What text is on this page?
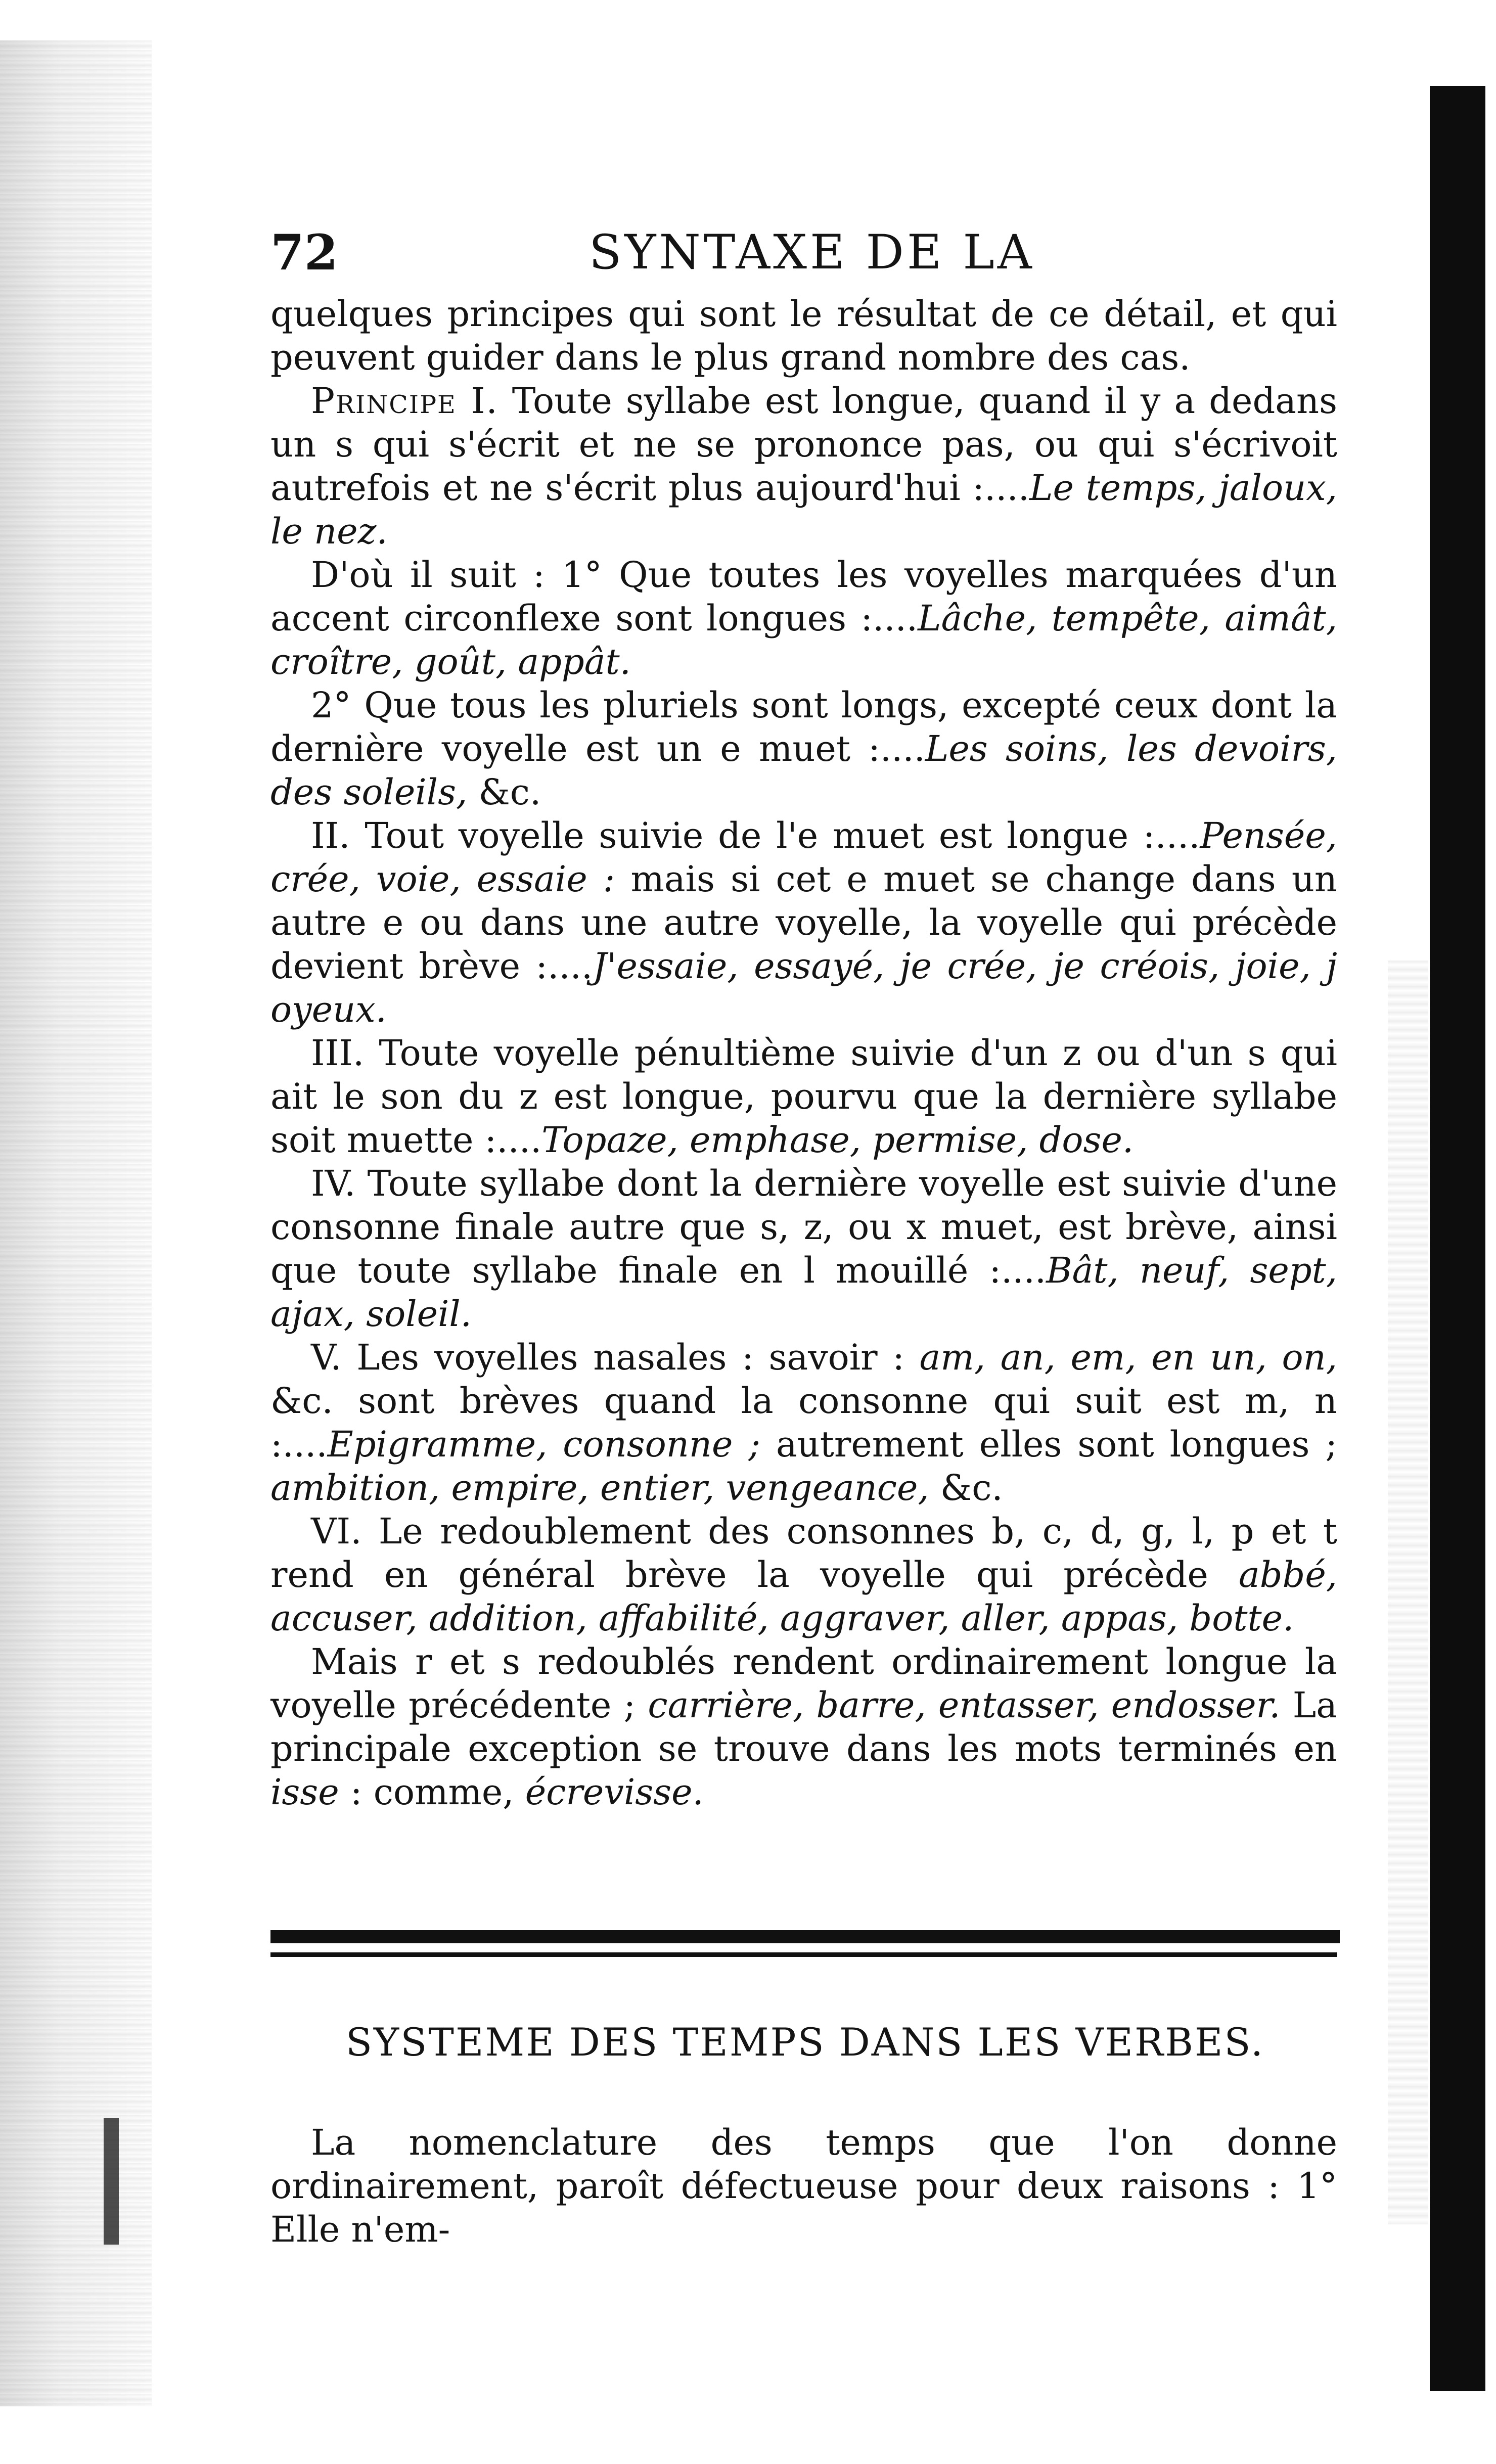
72	SYNTAXE DE LA

quelques principes qui sont le résultat de ce détail, et qui peuvent guider dans le plus grand nombre des cas.

Principe I. Toute syllabe est longue, quand il y a dedans un s qui s'écrit et ne se prononce pas, ou qui s'écrivoit autrefois et ne s'écrit plus aujourd'hui :....Le temps, jaloux, le nez.

D'où il suit : 1° Que toutes les voyelles marquées d'un accent circonflexe sont longues :....Lâche, tempête, aimât, croître, goût, appât.

2° Que tous les pluriels sont longs, excepté ceux dont la dernière voyelle est un e muet :....Les soins, les devoirs, des soleils, &c.

II. Tout voyelle suivie de l'e muet est longue :....Pensée, crée, voie, essaie : mais si cet e muet se change dans un autre e ou dans une autre voyelle, la voyelle qui précède devient brève :....J'essaie, essayé, je crée, je créois, joie, j oyeux.

III. Toute voyelle pénultième suivie d'un z ou d'un s qui ait le son du z est longue, pourvu que la dernière syllabe soit muette :....Topaze, emphase, permise, dose.

IV. Toute syllabe dont la dernière voyelle est suivie d'une consonne finale autre que s, z, ou x muet, est brève, ainsi que toute syllabe finale en l mouillé :....Bât, neuf, sept, ajax, soleil.

V. Les voyelles nasales : savoir : am, an, em, en un, on, &c. sont brèves quand la consonne qui suit est m, n :....Epigramme, consonne ; autrement elles sont longues ; ambition, empire, entier, vengeance, &c.

VI. Le redoublement des consonnes b, c, d, g, l, p et t rend en général brève la voyelle qui précède abbé, accuser, addition, affabilité, aggraver, aller, appas, botte.

Mais r et s redoublés rendent ordinairement longue la voyelle précédente ; carrière, barre, entasser, endosser. La principale exception se trouve dans les mots terminés en isse : comme, écrevisse.

SYSTEME DES TEMPS DANS LES VERBES.

La nomenclature des temps que l'on donne ordinairement, paroît défectueuse pour deux raisons : 1° Elle n'em-
